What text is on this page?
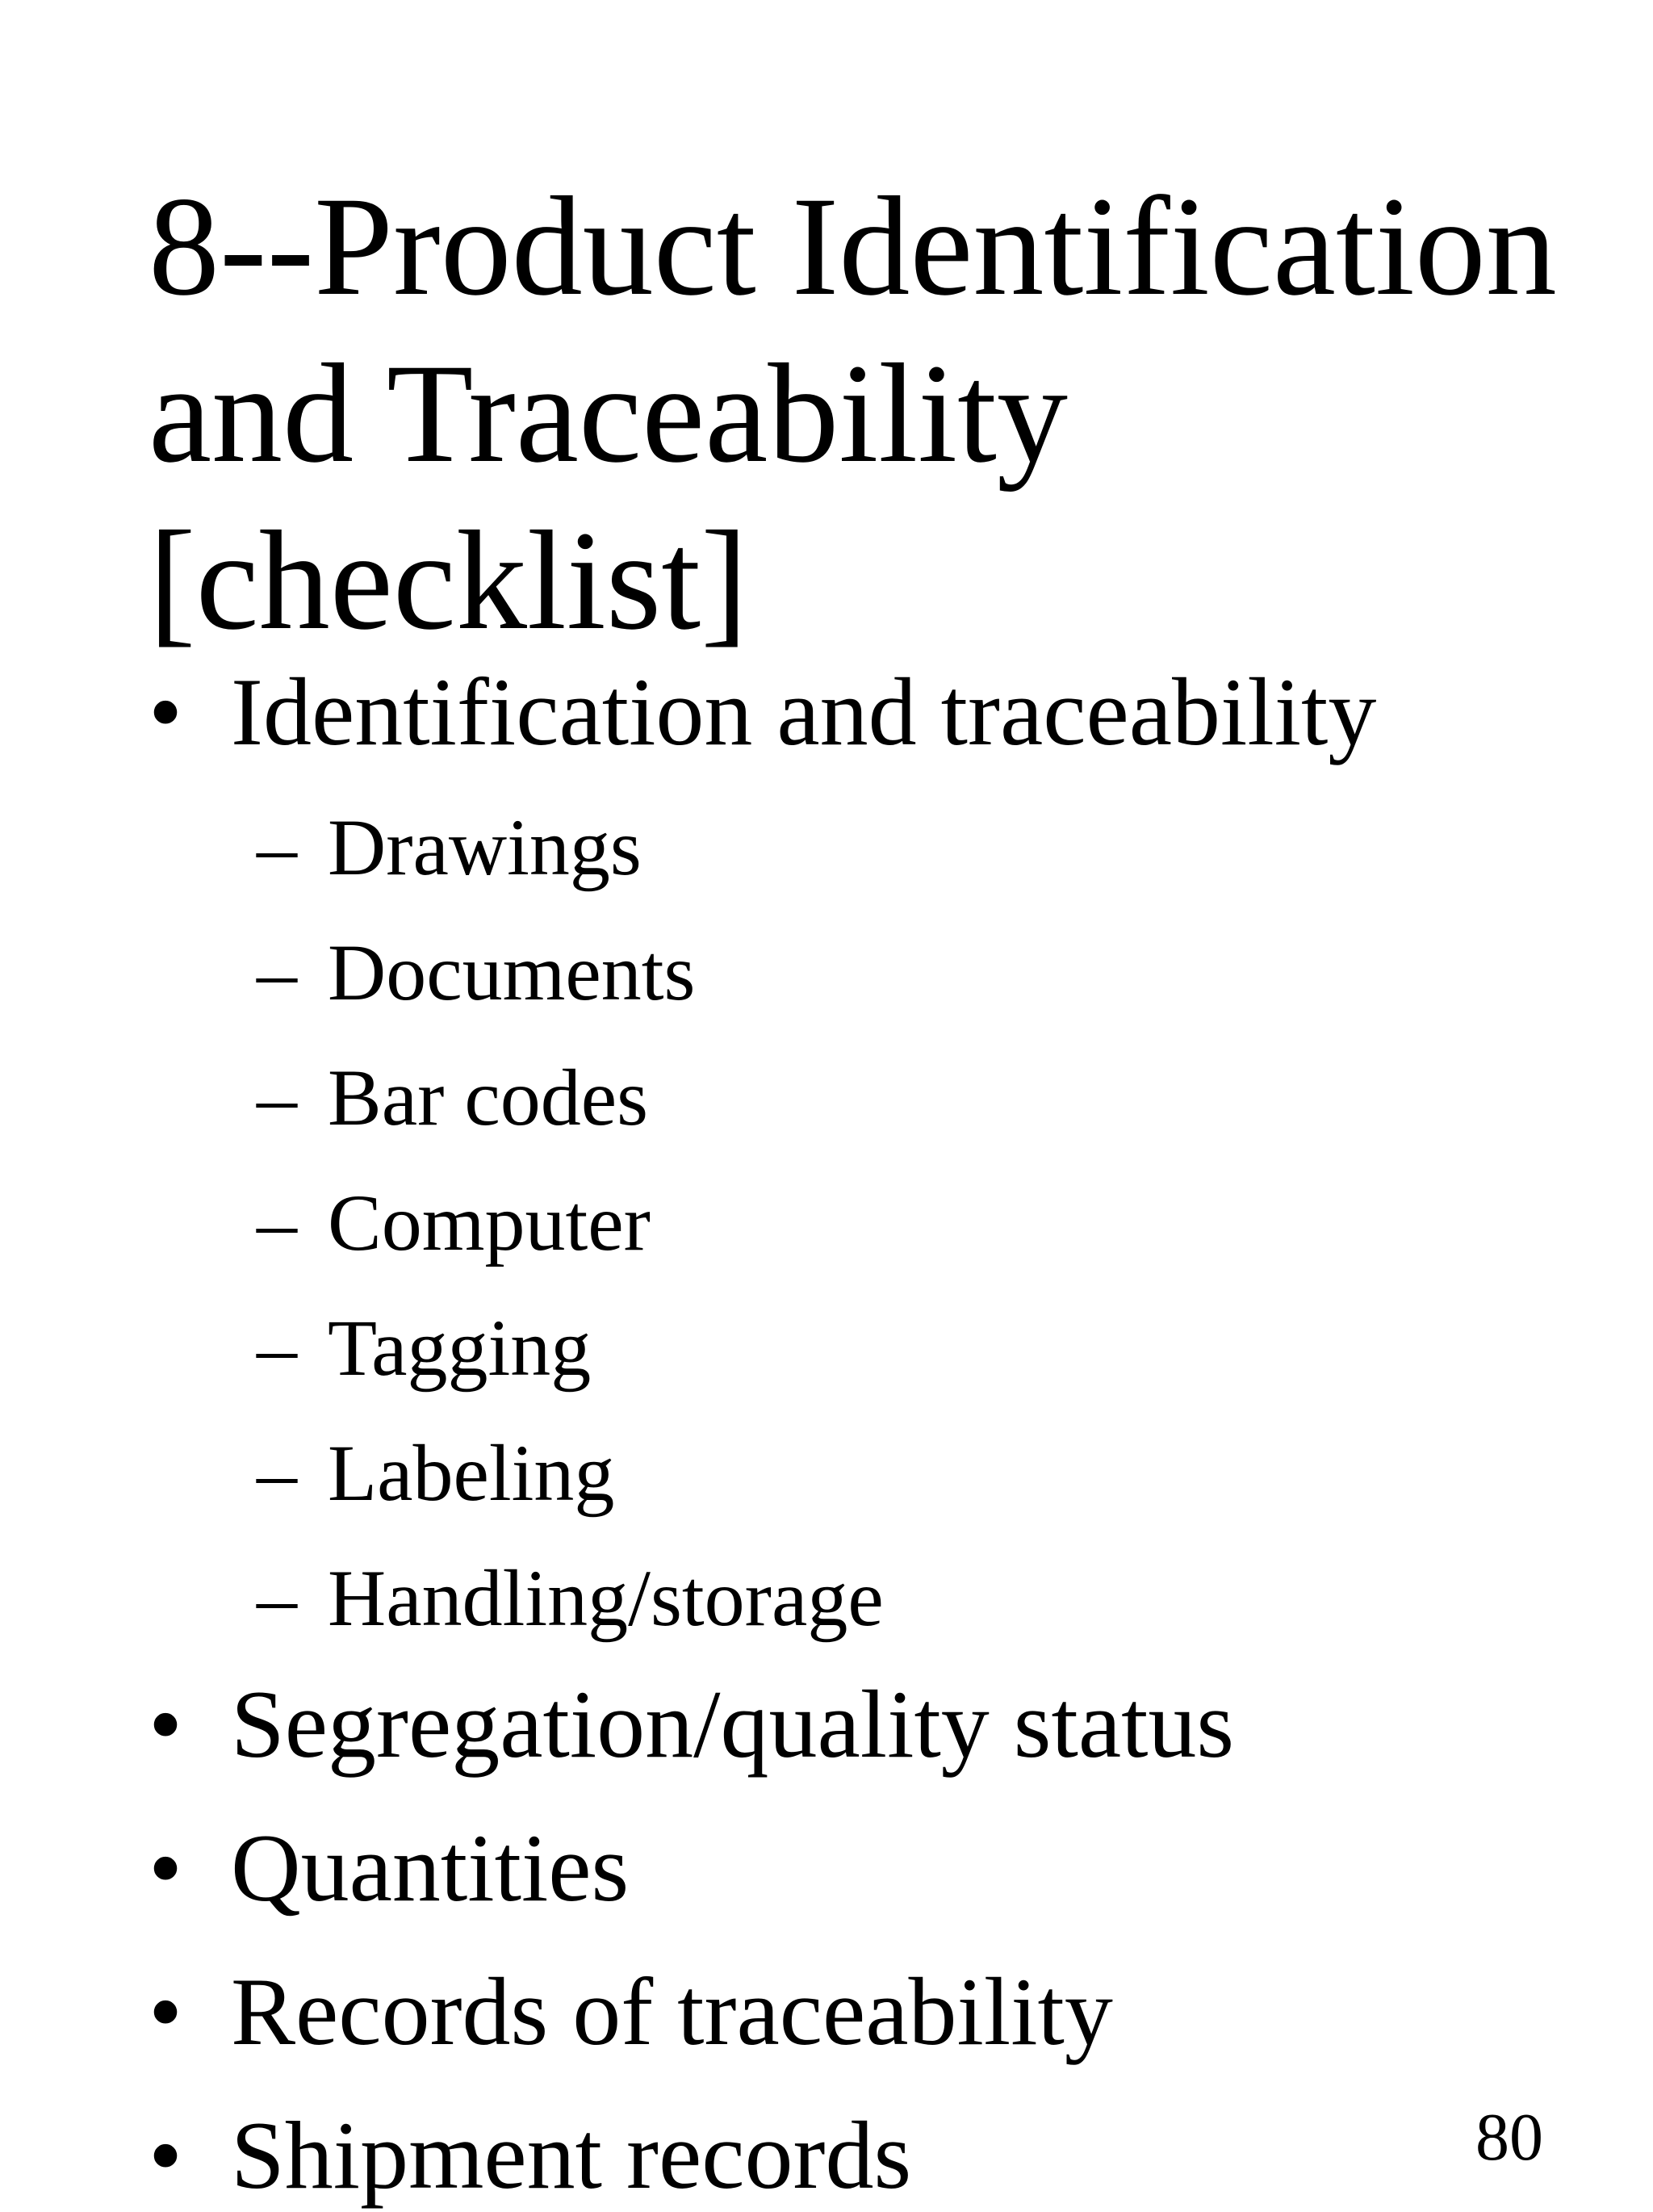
8--Product Identification
and Traceability
[checklist]
• Identification and traceability
– Drawings
– Documents
– Bar codes
– Computer
– Tagging
– Labeling
– Handling/storage
• Segregation/quality status
• Quantities
• Records of traceability
• Shipment records	80
